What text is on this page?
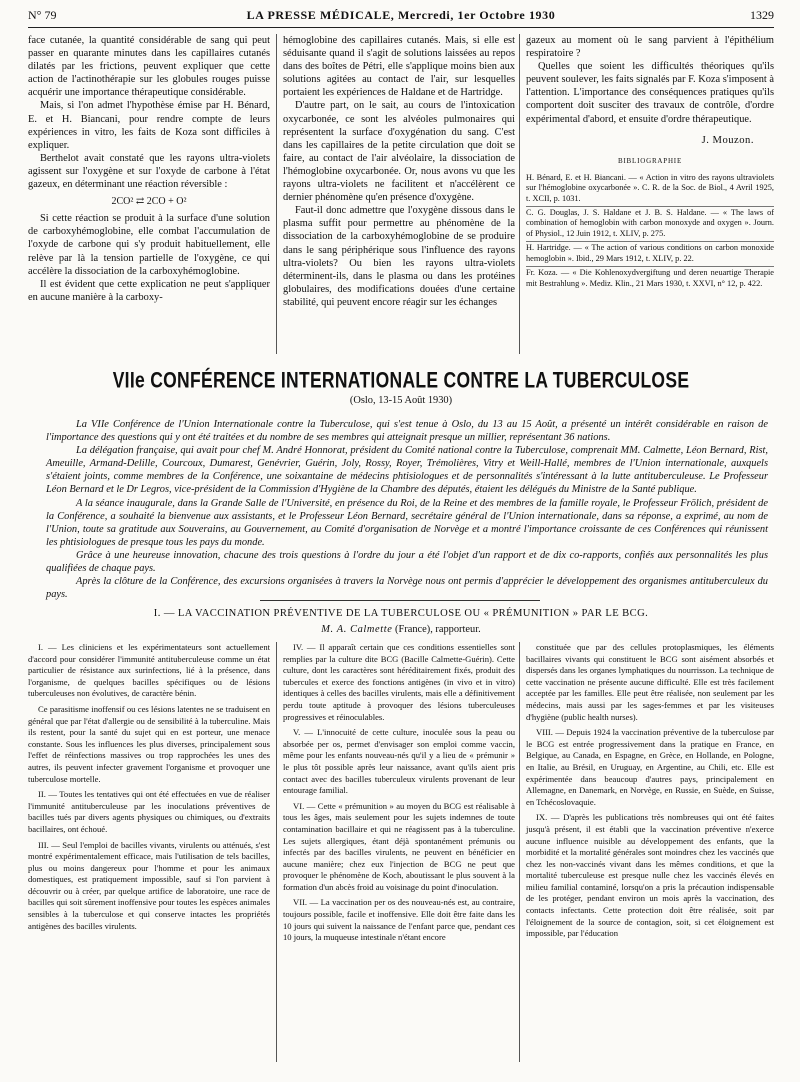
N° 79	LA PRESSE MÉDICALE, Mercredi, 1er Octobre 1930	1329

face cutanée, la quantité considérable de sang qui peut passer en quarante minutes dans les capillaires cutanés dilatés par les frictions, peuvent expliquer que cette action de l'actinothérapie sur les globules rouges puisse acquérir une importance thérapeutique considérable.

Mais, si l'on admet l'hypothèse émise par H. Bénard, E. et H. Biancani, pour rendre compte de leurs expériences in vitro, les faits de Koza sont difficiles à expliquer.

Berthelot avait constaté que les rayons ultra-violets agissent sur l'oxygène et sur l'oxyde de carbone à l'état gazeux, en déterminant une réaction réversible :

2CO² ⇄ 2CO + O²

Si cette réaction se produit à la surface d'une solution de carboxyhémoglobine, elle combat l'accumulation de l'oxyde de carbone qui s'y produit habituellement, elle relève par là la tension partielle de l'oxygène, ce qui accélère la dissociation de la carboxyhémoglobine.

Il est évident que cette explication ne peut s'appliquer en aucune manière à la carboxy-

hémoglobine des capillaires cutanés. Mais, si elle est séduisante quand il s'agit de solutions laissées au repos dans des boîtes de Pétri, elle s'applique moins bien aux solutions agitées au contact de l'air, sur lesquelles portaient les expériences de Haldane et de Hartridge.

D'autre part, on le sait, au cours de l'intoxication oxycarbonée, ce sont les alvéoles pulmonaires qui représentent la surface d'oxygénation du sang. C'est dans les capillaires de la petite circulation que doit se faire, au contact de l'air alvéolaire, la dissociation de l'hémoglobine oxycarbonée. Or, nous avons vu que les rayons ultra-violets ne facilitent et n'accélèrent ce dernier phénomène qu'en présence d'oxygène.

Faut-il donc admettre que l'oxygène dissous dans le plasma suffit pour permettre au phénomène de la dissociation de la carboxyhémoglobine de se produire dans le sang périphérique sous l'influence des rayons ultra-violets? Ou bien les rayons ultra-violets déterminent-ils, dans le plasma ou dans les protéines globulaires, des modifications douées d'une certaine stabilité, qui peuvent encore réagir sur les échanges

gazeux au moment où le sang parvient à l'épithélium respiratoire ?

Quelles que soient les difficultés théoriques qu'ils peuvent soulever, les faits signalés par F. Koza s'imposent à l'attention. L'importance des conséquences pratiques qu'ils comportent doit susciter des travaux de contrôle, d'ordre expérimental d'abord, et ensuite d'ordre thérapeutique.

J. Mouzon.
BIBLIOGRAPHIE

H. Bénard, E. et H. Biancani. — « Action in vitro des rayons ultraviolets sur l'hémoglobine oxycarbonée ». C. R. de la Soc. de Biol., 4 Avril 1925, t. XCII, p. 1031.

C. G. Douglas, J. S. Haldane et J. B. S. Haldane. — « The laws of combination of hemoglobin with carbon monoxyde and oxygen ». Journ. of Physiol., 12 Juin 1912, t. XLIV, p. 275.

H. Hartridge. — « The action of various conditions on carbon monoxide hemoglobin ». Ibid., 29 Mars 1912, t. XLIV, p. 22.

Fr. Koza. — « Die Kohlenoxydvergiftung und deren neuartige Therapie mit Bestrahlung ». Mediz. Klin., 21 Mars 1930, t. XXVI, n° 12, p. 422.

VIIe CONFÉRENCE INTERNATIONALE CONTRE LA TUBERCULOSE
(Oslo, 13-15 Août 1930)

La VIIe Conférence de l'Union Internationale contre la Tuberculose, qui s'est tenue à Oslo, du 13 au 15 Août, a présenté un intérêt considérable en raison de l'importance des questions qui y ont été traitées et du nombre de ses membres qui atteignait presque un millier, représentant 36 nations.

La délégation française, qui avait pour chef M. André Honnorat, président du Comité national contre la Tuberculose, comprenait MM. Calmette, Léon Bernard, Rist, Ameuille, Armand-Delille, Courcoux, Dumarest, Genévrier, Guérin, Joly, Rossy, Royer, Trémolières, Vitry et Weill-Hallé, membres de l'Union internationale, auxquels s'étaient joints, comme membres de la Conférence, une soixantaine de médecins phtisiologues et de personnalités s'intéressant à la lutte antituberculeuse. Le Professeur Léon Bernard et le Dr Legros, vice-président de la Commission d'Hygiène de la Chambre des députés, étaient les délégués du Ministre de la Santé publique.

A la séance inaugurale, dans la Grande Salle de l'Université, en présence du Roi, de la Reine et des membres de la famille royale, le Professeur Frölich, président de la Conférence, a souhaité la bienvenue aux assistants, et le Professeur Léon Bernard, secrétaire général de l'Union internationale, dans sa réponse, a exprimé, au nom de l'Union, toute sa gratitude aux Souverains, au Gouvernement, au Comité d'organisation de Norvège et a montré l'importance croissante de ces Conférences qui réunissent les phtisiologues de presque tous les pays du monde.

Grâce à une heureuse innovation, chacune des trois questions à l'ordre du jour a été l'objet d'un rapport et de dix co-rapports, confiés aux personnalités les plus qualifiées de chaque pays.

Après la clôture de la Conférence, des excursions organisées à travers la Norvège nous ont permis d'apprécier le développement des organismes antituberculeux du pays.

I. — LA VACCINATION PRÉVENTIVE DE LA TUBERCULOSE OU « PRÉMUNITION » PAR LE BCG.
M. A. Calmette (France), rapporteur.

I. — Les cliniciens et les expérimentateurs sont actuellement d'accord pour considérer l'immunité antituberculeuse comme un état particulier de résistance aux surinfections, lié à la présence, dans l'organisme, de quelques bacilles spécifiques ou de lésions tuberculeuses non évolutives, de caractère bénin.

Ce parasitisme inoffensif ou ces lésions latentes ne se traduisent en général que par l'état d'allergie ou de sensibilité à la tuberculine. Mais ils restent, pour la santé du sujet qui en est porteur, une menace constante. Sous les influences les plus diverses, principalement sous l'effet de réinfections massives ou trop rapprochées les unes des autres, ils peuvent infecter gravement l'organisme et provoquer une tuberculose mortelle.

II. — Toutes les tentatives qui ont été effectuées en vue de réaliser l'immunité antituberculeuse par les inoculations préventives de bacilles tués par divers agents physiques ou chimiques, ou d'extraits bacillaires, ont échoué.

III. — Seul l'emploi de bacilles vivants, virulents ou atténués, s'est montré expérimentalement efficace, mais l'utilisation de tels bacilles, plus ou moins dangereux pour l'homme et pour les animaux domestiques, est pratiquement impossible, sauf si l'on parvient à découvrir ou à créer, par quelque artifice de laboratoire, une race de bacilles qui soit sûrement inoffensive pour toutes les espèces animales sensibles à la tuberculose et qui conserve intactes les propriétés antigènes des bacilles virulents.

IV. — Il apparaît certain que ces conditions essentielles sont remplies par la culture dite BCG (Bacille Calmette-Guérin). Cette culture, dont les caractères sont héréditairement fixés, produit des tubercules et exerce des fonctions antigènes (in vivo et in vitro) identiques à celles des bacilles virulents, mais elle a définitivement perdu toute aptitude à provoquer des lésions tuberculeuses progressives et réinoculables.

V. — L'innocuité de cette culture, inoculée sous la peau ou absorbée per os, permet d'envisager son emploi comme vaccin, même pour les enfants nouveau-nés qu'il y a lieu de « prémunir » le plus tôt possible après leur naissance, avant qu'ils aient pris contact avec des bacilles tuberculeux virulents provenant de leur entourage familial.

VI. — Cette « prémunition » au moyen du BCG est réalisable à tous les âges, mais seulement pour les sujets indemnes de toute contamination bacillaire et qui ne réagissent pas à la tuberculine. Les sujets allergiques, étant déjà spontanément prémunis ou infectés par des bacilles virulents, ne peuvent en bénéficier en aucune manière; chez eux l'injection de BCG ne peut que provoquer le phénomène de Koch, aboutissant le plus souvent à la formation d'un abcès froid au voisinage du point d'inoculation.

VII. — La vaccination per os des nouveau-nés est, au contraire, toujours possible, facile et inoffensive. Elle doit être faite dans les 10 jours qui suivent la naissance de l'enfant parce que, pendant ces 10 jours, la muqueuse intestinale n'étant encore

constituée que par des cellules protoplasmiques, les éléments bacillaires vivants qui constituent le BCG sont aisément absorbés et dispersés dans les organes lymphatiques du nourrisson. La technique de cette vaccination ne présente aucune difficulté. Elle est très facilement acceptée par les familles. Elle peut être réalisée, non seulement par les médecins, mais aussi par les sages-femmes et par les visiteuses d'hygiène (public health nurses).

VIII. — Depuis 1924 la vaccination préventive de la tuberculose par le BCG est entrée progressivement dans la pratique en France, en Belgique, au Canada, en Espagne, en Grèce, en Hollande, en Pologne, en Italie, au Brésil, en Uruguay, en Argentine, au Chili, etc. Elle est expérimentée dans beaucoup d'autres pays, principalement en Allemagne, en Danemark, en Norvège, en Russie, en Suède, en Suisse, en Tchécoslovaquie.

IX. — D'après les publications très nombreuses qui ont été faites jusqu'à présent, il est établi que la vaccination préventive n'exerce aucune influence nuisible au développement des enfants, que la morbidité et la mortalité générales sont moindres chez les vaccinés que chez les non-vaccinés vivant dans les mêmes conditions, et que la mortalité tuberculeuse est presque nulle chez les vaccinés élevés en milieu familial contaminé, lorsqu'on a pris la précaution indispensable de les protéger, pendant environ un mois après la vaccination, des contacts infectants. Cette protection doit être réalisée, soit par l'éloignement de la source de contagion, soit, si cet éloignement est impossible, par l'éducation
